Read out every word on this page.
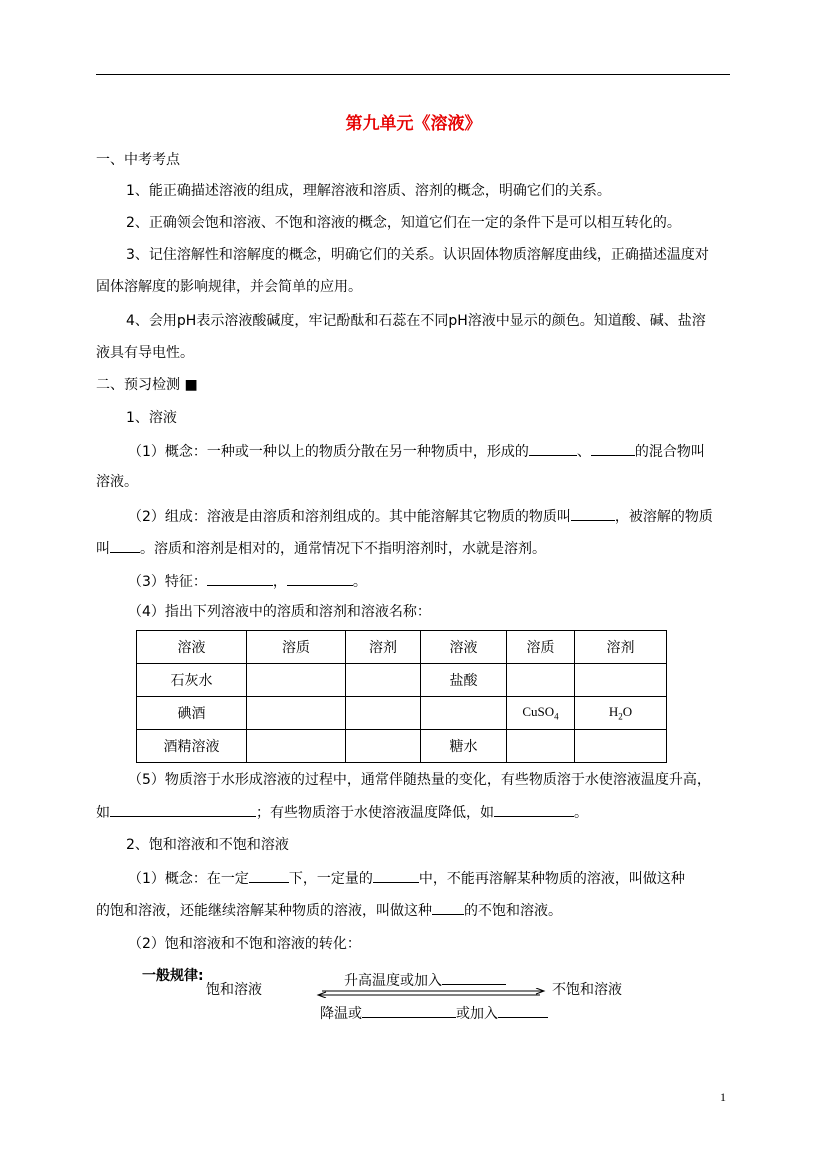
第九单元《溶液》
一、中考考点
1、能正确描述溶液的组成，理解溶液和溶质、溶剂的概念，明确它们的关系。
2、正确领会饱和溶液、不饱和溶液的概念，知道它们在一定的条件下是可以相互转化的。
3、记住溶解性和溶解度的概念，明确它们的关系。认识固体物质溶解度曲线，正确描述温度对
固体溶解度的影响规律，并会简单的应用。
4、会用pH表示溶液酸碱度，牢记酚酞和石蕊在不同pH溶液中显示的颜色。知道酸、碱、盐溶
液具有导电性。
二、预习检测 ■
1、溶液
（1）概念：一种或一种以上的物质分散在另一种物质中，形成的	、	的混合物叫
溶液。
（2）组成：溶液是由溶质和溶剂组成的。其中能溶解其它物质的物质叫	，被溶解的物质
叫 。溶质和溶剂是相对的，通常情况下不指明溶剂时，水就是溶剂。
（3）特征：	，	。
（4）指出下列溶液中的溶质和溶剂和溶液名称：
溶液	溶质	溶剂	溶液	溶质	溶剂
石灰水			盐酸		
碘酒				CuSO$_4$	$H_2O$
酒精溶液			糖水		
（5）物质溶于水形成溶液的过程中，通常伴随热量的变化，有些物质溶于水使溶液温度升高，
如	；有些物质溶于水使溶液温度降低，如	。
2、饱和溶液和不饱和溶液
（1）概念：在一定	下，一定量的	中，不能再溶解某种物质的溶液，叫做这种
的饱和溶液，还能继续溶解某种物质的溶液，叫做这种 的不饱和溶液。
（2）饱和溶液和不饱和溶液的转化：
一般规律:
饱和溶液
升高温度或加入
不饱和溶液
降温或	或加入
1
